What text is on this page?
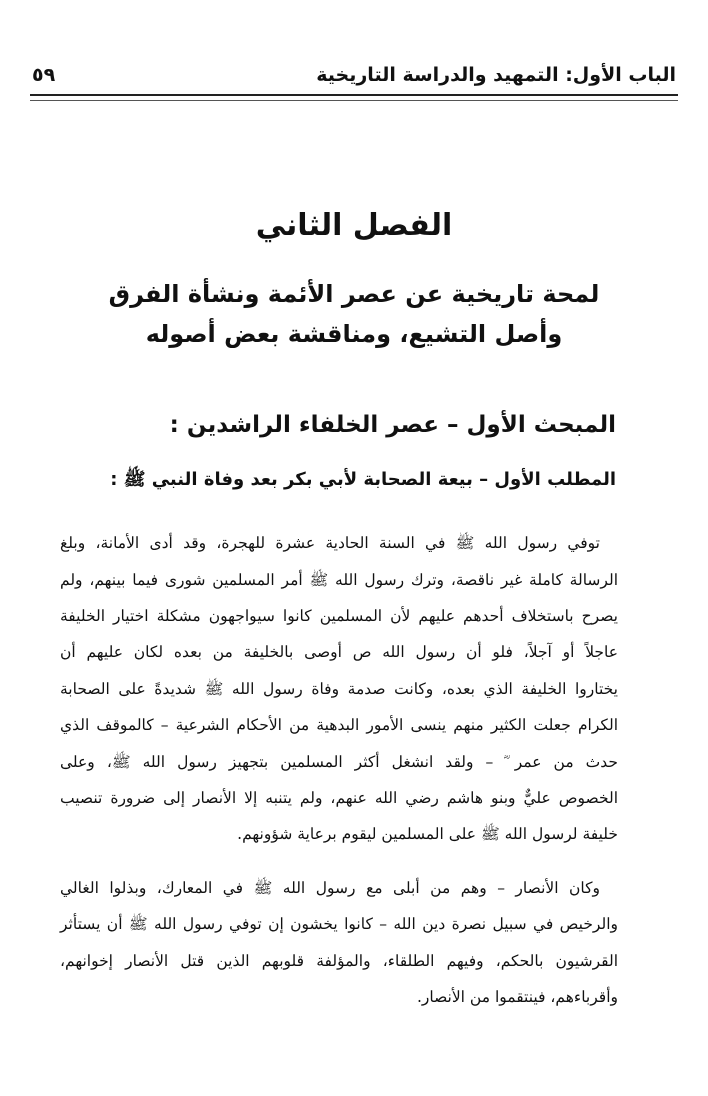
الباب الأول: التمهيد والدراسة التاريخية
٥٩
الفصل الثاني
لمحة تاريخية عن عصر الأئمة ونشأة الفرق
وأصل التشيع، ومناقشة بعض أصوله
المبحث الأول – عصر الخلفاء الراشدين :
المطلب الأول – بيعة الصحابة لأبي بكر بعد وفاة النبي ﷺ :
توفي رسول الله ﷺ في السنة الحادية عشرة للهجرة، وقد أدى الأمانة، وبلغ
الرسالة كاملة غير ناقصة، وترك رسول الله ﷺ أمر المسلمين شورى فيما بينهم، ولم
يصرح باستخلاف أحدهم عليهم لأن المسلمين كانوا سيواجهون مشكلة اختيار الخليفة
عاجلاً أو آجلاً، فلو أن رسول الله ص أوصى بالخليفة من بعده لكان عليهم أن
يختاروا الخليفة الذي بعده، وكانت صدمة وفاة رسول الله ﷺ شديدةً على الصحابة
الكرام جعلت الكثير منهم ينسى الأمور البدهية من الأحكام الشرعية – كالموقف الذي
حدث من عمر ؓ – ولقد انشغل أكثر المسلمين بتجهيز رسول الله ﷺ، وعلى
الخصوص عليٌّ وبنو هاشم رضي الله عنهم، ولم يتنبه إلا الأنصار إلى ضرورة تنصيب
خليفة لرسول الله ﷺ على المسلمين ليقوم برعاية شؤونهم.
وكان الأنصار – وهم من أبلى مع رسول الله ﷺ في المعارك، وبذلوا الغالي
والرخيص في سبيل نصرة دين الله – كانوا يخشون إن توفي رسول الله ﷺ أن يستأثر
القرشيون بالحكم، وفيهم الطلقاء، والمؤلفة قلوبهم الذين قتل الأنصار إخوانهم،
وأقرباءهم، فينتقموا من الأنصار.
